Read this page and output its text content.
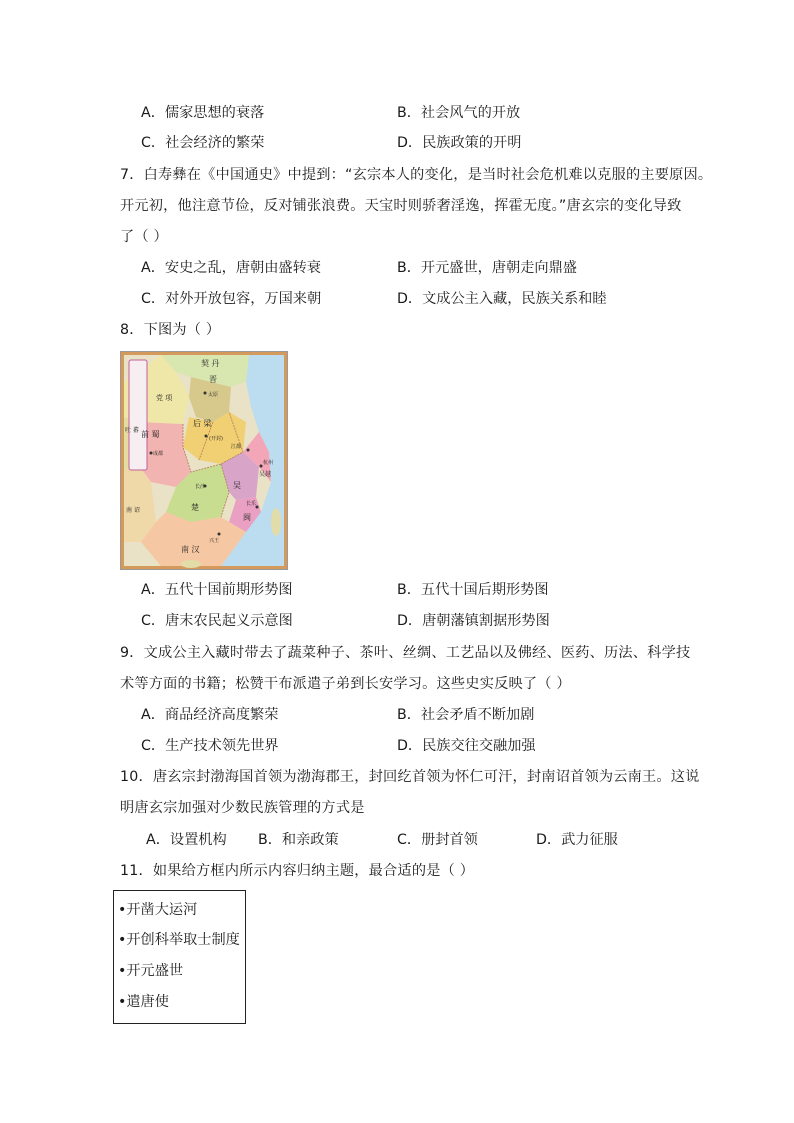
A．儒家思想的衰落	B．社会风气的开放
C．社会经济的繁荣	D．民族政策的开明
7．白寿彝在《中国通史》中提到：“玄宗本人的变化，是当时社会危机难以克服的主要原因。
开元初，他注意节俭，反对铺张浪费。天宝时则骄奢淫逸，挥霍无度。”唐玄宗的变化导致
了（ ）
A．安史之乱，唐朝由盛转衰	B．开元盛世，唐朝走向鼎盛
C．对外开放包容，万国来朝	D．文成公主入藏，民族关系和睦
8．下图为（ ）
契 丹
党 项
吐 蕃
南 诏
晋
太原
后 梁
(开封)
前 蜀
成都
楚
长沙	吴
江都
吴越
杭州
闽
长乐
南 汉
兴王
A．五代十国前期形势图	B．五代十国后期形势图
C．唐末农民起义示意图	D．唐朝藩镇割据形势图
9．文成公主入藏时带去了蔬菜种子、茶叶、丝绸、工艺品以及佛经、医药、历法、科学技
术等方面的书籍；松赞干布派遣子弟到长安学习。这些史实反映了（ ）
A．商品经济高度繁荣	B．社会矛盾不断加剧
C．生产技术领先世界	D．民族交往交融加强
10．唐玄宗封渤海国首领为渤海郡王，封回纥首领为怀仁可汗，封南诏首领为云南王。这说
明唐玄宗加强对少数民族管理的方式是
A．设置机构 B．和亲政策	C．册封首领	D．武力征服
11．如果给方框内所示内容归纳主题，最合适的是（ ）
•开凿大运河
•开创科举取士制度
•开元盛世
•遣唐使
